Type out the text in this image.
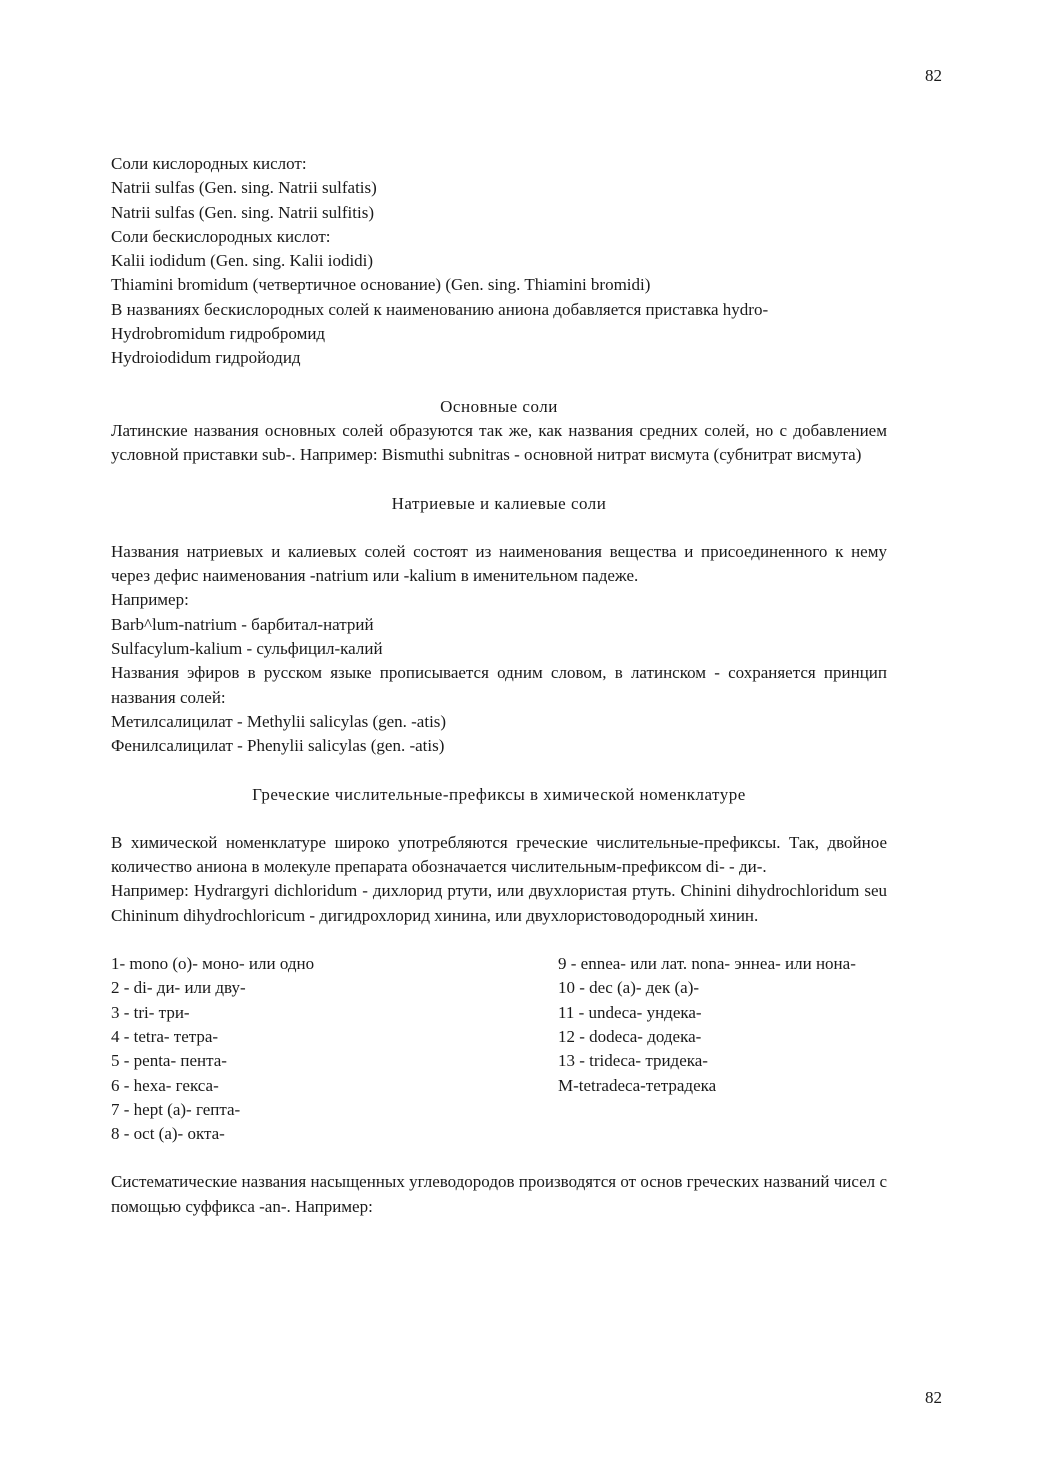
82
Соли кислородных кислот:
Natrii sulfas (Gen. sing. Natrii sulfatis)
Natrii sulfas (Gen. sing. Natrii sulfitis)
Соли бескислородных кислот:
Kalii iodidum (Gen. sing. Kalii iodidi)
Thiamini bromidum (четвертичное основание) (Gen. sing. Thiamini bromidi)
В названиях бескислородных солей к наименованию аниона добавляется приставка hydro-
Hydrobromidum гидробромид
Hydroiodidum гидройодид
Основные соли
Латинские названия основных солей образуются так же, как названия средних солей, но с добавлением условной приставки sub-. Например: Bismuthi subnitras - основной нитрат висмута (субнитрат висмута)
Натриевые и калиевые соли
Названия натриевых и калиевых солей состоят из наименования вещества и присоединенного к нему через дефис наименования -natrium или -kalium в именительном падеже.
Например:
Barb^lum-natrium - барбитал-натрий
Sulfacylum-kalium - сульфицил-калий
Названия эфиров в русском языке прописывается одним словом, в латинском - сохраняется принцип названия солей:
Метилсалицилат - Methylii salicylas (gen. -atis)
Фенилсалицилат - Phenylii salicylas (gen. -atis)
Греческие числительные-префиксы в химической номенклатуре
В химической номенклатуре широко употребляются греческие числительные-префиксы. Так, двойное количество аниона в молекуле препарата обозначается числительным-префиксом di- - ди-.
Например: Hydrargyri dichloridum - дихлорид ртути, или двухлористая ртуть. Chinini dihydrochloridum seu Chininum dihydrochloricum - дигидрохлорид хинина, или двухлористоводородный хинин.
1- mono (o)- моно- или одно
2 - di- ди- или дву-
3 - tri- три-
4 - tetra- тетра-
5 - penta- пента-
6 - hexa- гекса-
7 - hept (a)- гепта-
8 - oct (a)- окта-
9 - ennea- или лат. nona- эннеа- или нона-
10 - dec (a)- дек (a)-
11 - undeca- ундека-
12 - dodeca- додека-
13 - trideca- тридека-
M-tetradeca-тетрадека
Систематические названия насыщенных углеводородов производятся от основ греческих названий чисел с помощью суффикса -an-. Например:
82
